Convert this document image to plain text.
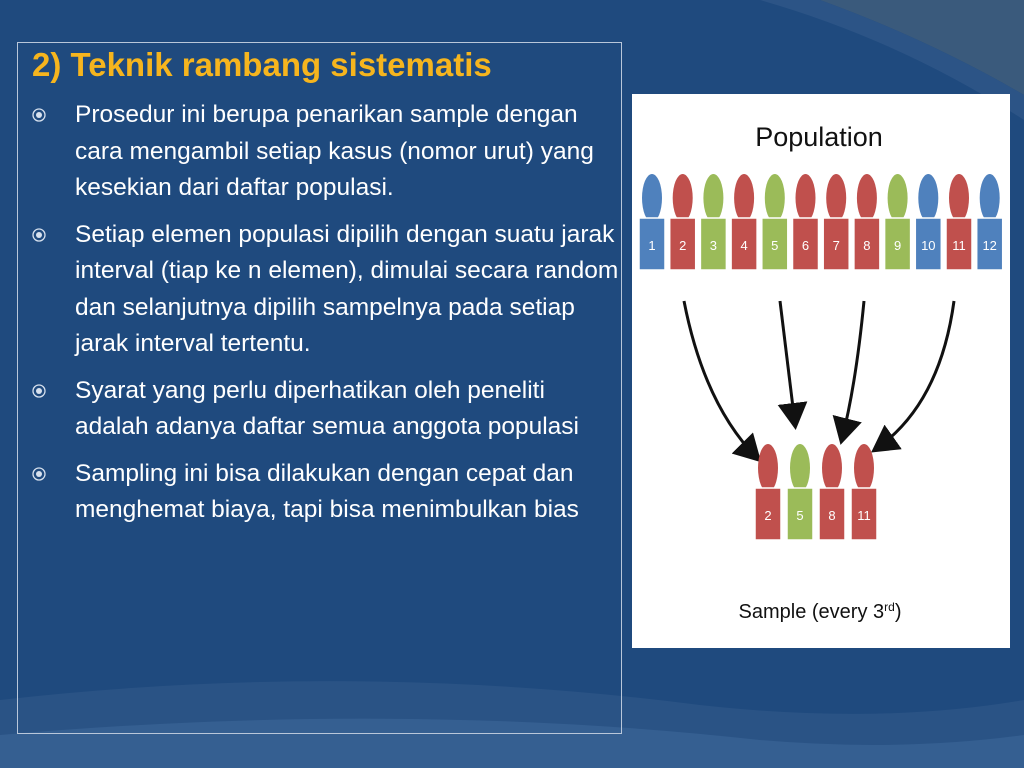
2) Teknik rambang sistematis
Prosedur ini berupa penarikan sample dengan cara mengambil setiap kasus (nomor urut) yang kesekian dari daftar populasi.
Setiap elemen populasi dipilih dengan suatu jarak interval (tiap ke n elemen), dimulai secara random dan selanjutnya dipilih sampelnya pada setiap jarak interval tertentu.
Syarat yang perlu diperhatikan oleh peneliti adalah adanya daftar semua anggota populasi
Sampling ini bisa dilakukan dengan cepat dan menghemat biaya, tapi bisa menimbulkan bias
Population
1 2 3 4 5 6 7 8 9 10 11 12
2 5 8 11
Sample (every 3rd)
